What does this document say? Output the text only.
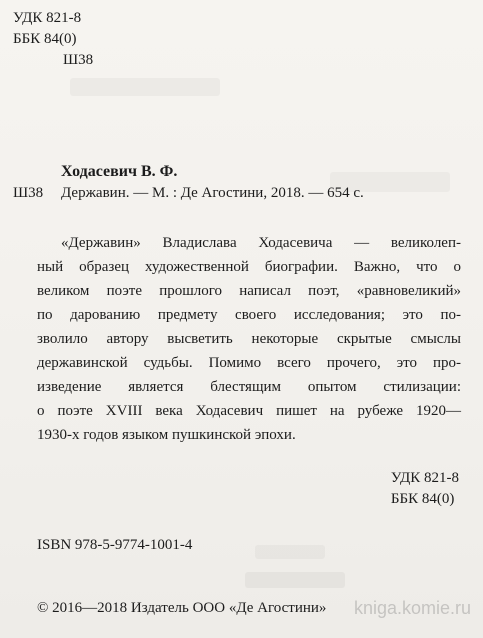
УДК 821-8
ББК 84(0)
Ш38
Ходасевич В. Ф.
Ш38 Державин. — М. : Де Агостини, 2018. — 654 с.
«Державин» Владислава Ходасевича — великолеп-
ный образец художественной биографии. Важно, что о
великом поэте прошлого написал поэт, «равновеликий»
по дарованию предмету своего исследования; это по-
зволило автору высветить некоторые скрытые смыслы
державинской судьбы. Помимо всего прочего, это про-
изведение является блестящим опытом стилизации:
о поэте XVIII века Ходасевич пишет на рубеже 1920—
1930-х годов языком пушкинской эпохи.
УДК 821-8
ББК 84(0)
ISBN 978-5-9774-1001-4
© 2016—2018 Издатель ООО «Де Агостини» kniga.komie.ru
